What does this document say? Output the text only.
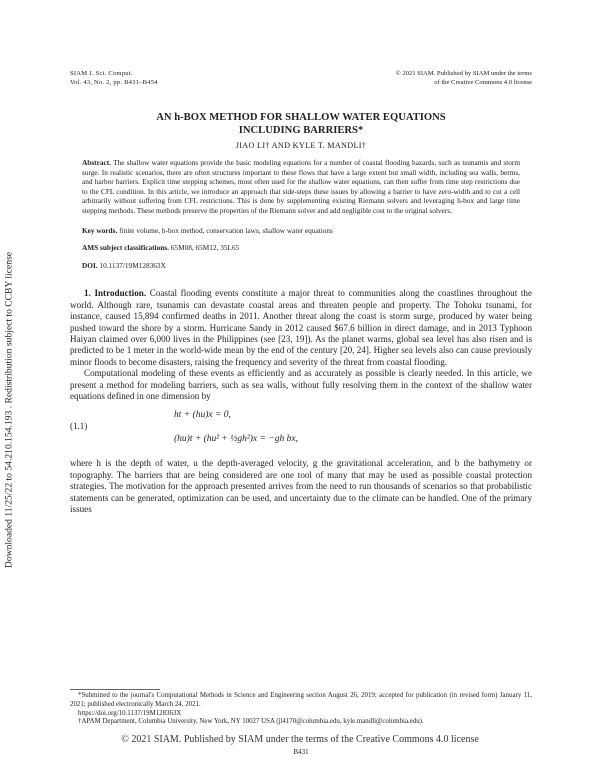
Downloaded 11/25/22 to 54.210.154.193 . Redistribution subject to CCBY license
SIAM J. Sci. Comput.
Vol. 43, No. 2, pp. B431–B454
© 2021 SIAM. Published by SIAM under the terms
of the Creative Commons 4.0 license
AN h-BOX METHOD FOR SHALLOW WATER EQUATIONS
INCLUDING BARRIERS*
JIAO LI† AND KYLE T. MANDLI†
Abstract. The shallow water equations provide the basic modeling equations for a number of coastal flooding hazards, such as tsunamis and storm surge. In realistic scenarios, there are often structures important to these flows that have a large extent but small width, including sea walls, berms, and harbor barriers. Explicit time stepping schemes, most often used for the shallow water equations, can then suffer from time step restrictions due to the CFL condition. In this article, we introduce an approach that side-steps these issues by allowing a barrier to have zero-width and to cut a cell arbitrarily without suffering from CFL restrictions. This is done by supplementing existing Riemann solvers and leveraging h-box and large time stepping methods. These methods preserve the properties of the Riemann solver and add negligible cost to the original solvers.
Key words. finite volume, h-box method, conservation laws, shallow water equations
AMS subject classifications. 65M08, 65M12, 35L65
DOI. 10.1137/19M128363X

1. Introduction. Coastal flooding events constitute a major threat to communities along the coastlines throughout the world. Although rare, tsunamis can devastate coastal areas and threaten people and property. The Tohoku tsunami, for instance, caused 15,894 confirmed deaths in 2011. Another threat along the coast is storm surge, produced by water being pushed toward the shore by a storm. Hurricane Sandy in 2012 caused $67.6 billion in direct damage, and in 2013 Typhoon Haiyan claimed over 6,000 lives in the Philippines (see [23, 19]). As the planet warms, global sea level has also risen and is predicted to be 1 meter in the world-wide mean by the end of the century [20, 24]. Higher sea levels also can cause previously minor floods to become disasters, raising the frequency and severity of the threat from coastal flooding.

Computational modeling of these events as efficiently and as accurately as possible is clearly needed. In this article, we present a method for modeling barriers, such as sea walls, without fully resolving them in the context of the shallow water equations defined in one dimension by

(1.1)
ht + (hu)x = 0,
(hu)t + (hu² + ½gh²)x = −gh bx,

where h is the depth of water, u the depth-averaged velocity, g the gravitational acceleration, and b the bathymetry or topography. The barriers that are being considered are one tool of many that may be used as possible coastal protection strategies. The motivation for the approach presented arrives from the need to run thousands of scenarios so that probabilistic statements can be generated, optimization can be used, and uncertainty due to the climate can be handled. One of the primary issues

*Submitted to the journal's Computational Methods in Science and Engineering section August 26, 2019; accepted for publication (in revised form) January 11, 2021; published electronically March 24, 2021.

https://doi.org/10.1137/19M128363X

†APAM Department, Columbia University, New York, NY 10027 USA (jl4170@columbia.edu, kyle.mandli@columbia.edu).

B431
© 2021 SIAM. Published by SIAM under the terms of the Creative Commons 4.0 license
